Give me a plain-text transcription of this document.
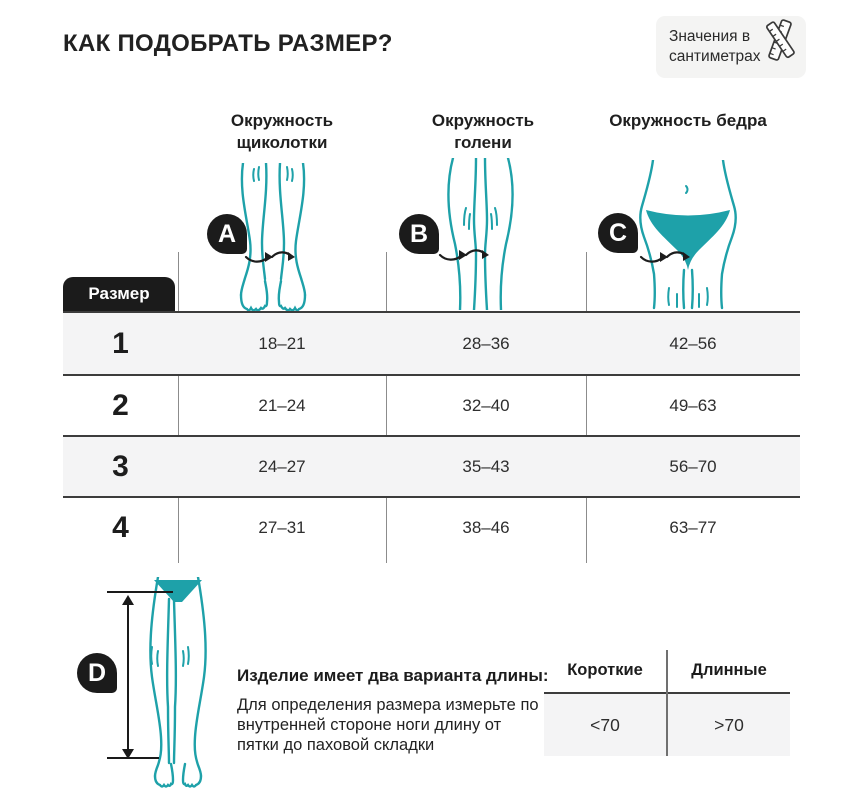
КАК ПОДОБРАТЬ РАЗМЕР?	Значения в сантиметрах
Окружность щиколотки
Окружность голени
Окружность бедра
A	B	C
Размер
1	18–21	28–36	42–56
2	21–24	32–40	49–63
3	24–27	35–43	56–70
4	27–31	38–46	63–77
D	Изделие имеет два варианта длины:
Для определения размера измерьте по внутренней стороне ноги длину от пятки до паховой складки
Короткие	Длинные
<70	>70
